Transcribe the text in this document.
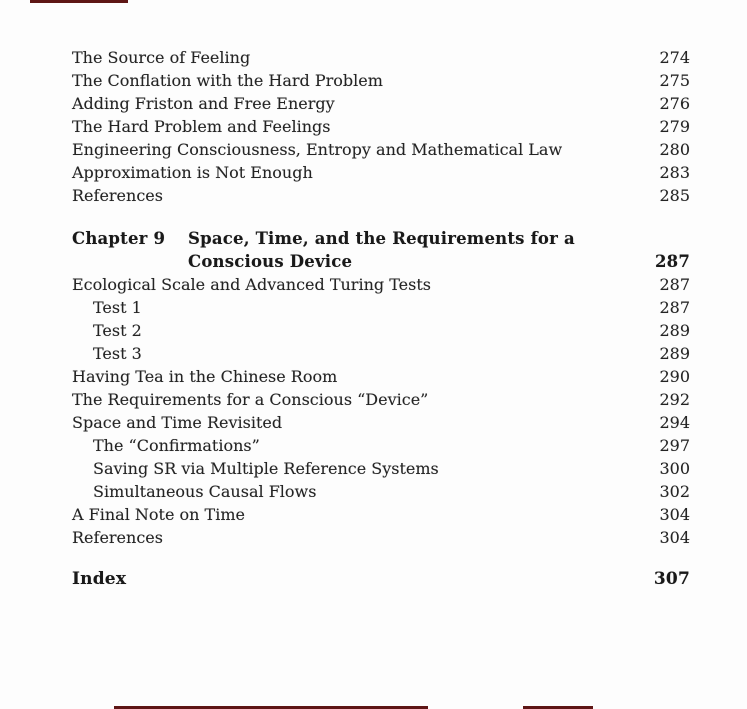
The Source of Feeling	274
The Conflation with the Hard Problem	275
Adding Friston and Free Energy	276
The Hard Problem and Feelings	279
Engineering Consciousness, Entropy and Mathematical Law	280
Approximation is Not Enough	283
References	285
Chapter 9	Space, Time, and the Requirements for a
Conscious Device	287
Ecological Scale and Advanced Turing Tests	287
Test 1	287
Test 2	289
Test 3	289
Having Tea in the Chinese Room	290
The Requirements for a Conscious “Device”	292
Space and Time Revisited	294
The “Confirmations”	297
Saving SR via Multiple Reference Systems	300
Simultaneous Causal Flows	302
A Final Note on Time	304
References	304
Index	307
